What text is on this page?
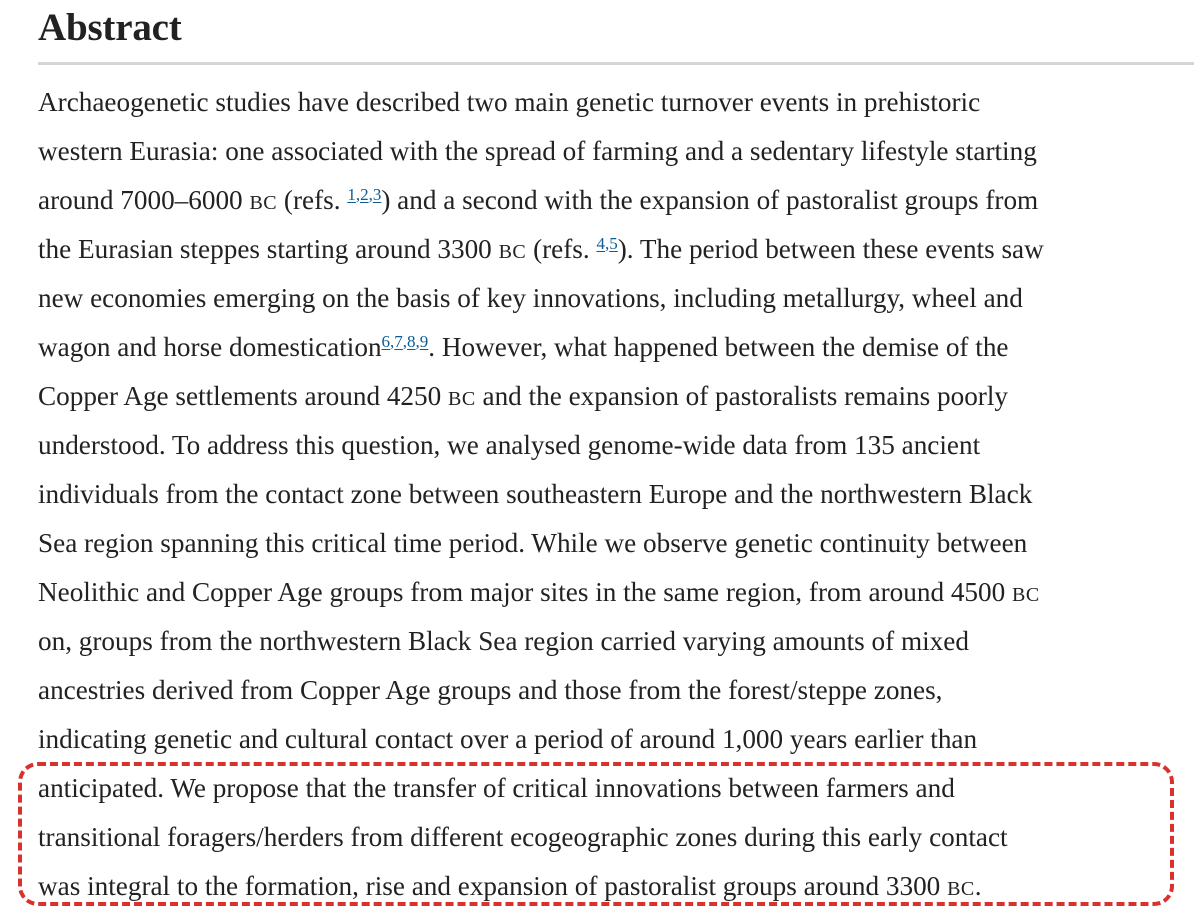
Abstract
Archaeogenetic studies have described two main genetic turnover events in prehistoric
western Eurasia: one associated with the spread of farming and a sedentary lifestyle starting
around 7000–6000 BC (refs. $^{1,2,3}$) and a second with the expansion of pastoralist groups from
the Eurasian steppes starting around 3300 BC (refs. $^{4,5}$). The period between these events saw
new economies emerging on the basis of key innovations, including metallurgy, wheel and
wagon and horse domestication$^{6,7,8,9}$. However, what happened between the demise of the
Copper Age settlements around 4250 BC and the expansion of pastoralists remains poorly
understood. To address this question, we analysed genome-wide data from 135 ancient
individuals from the contact zone between southeastern Europe and the northwestern Black
Sea region spanning this critical time period. While we observe genetic continuity between
Neolithic and Copper Age groups from major sites in the same region, from around 4500 BC
on, groups from the northwestern Black Sea region carried varying amounts of mixed
ancestries derived from Copper Age groups and those from the forest/steppe zones,
indicating genetic and cultural contact over a period of around 1,000 years earlier than
anticipated. We propose that the transfer of critical innovations between farmers and
transitional foragers/herders from different ecogeographic zones during this early contact
was integral to the formation, rise and expansion of pastoralist groups around 3300 BC.
